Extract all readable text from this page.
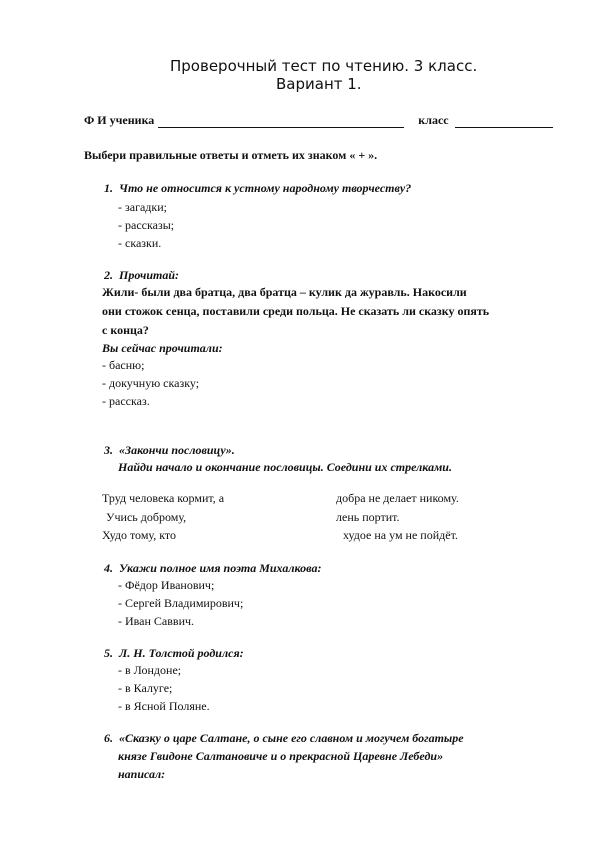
Проверочный тест по чтению. 3 класс.
Вариант 1.
Ф И ученика	класс
Выбери правильные ответы и отметь их знаком « + ».
1. Что не относится к устному народному творчеству?
- загадки;
- рассказы;
- сказки.
2. Прочитай:
Жили- были два братца, два братца – кулик да журавль. Накосили
они стожок сенца, поставили среди польца. Не сказать ли сказку опять
с конца?
Вы сейчас прочитали:
- басню;
- докучную сказку;
- рассказ.
3. «Закончи пословицу».
Найди начало и окончание пословицы. Соедини их стрелками.
Труд человека кормит, а
Учись доброму,
Худо тому, кто
добра не делает никому.
лень портит.
худое на ум не пойдёт.
4. Укажи полное имя поэта Михалкова:
- Фёдор Иванович;
- Сергей Владимирович;
- Иван Саввич.
5. Л. Н. Толстой родился:
- в Лондоне;
- в Калуге;
- в Ясной Поляне.
6. «Сказку о царе Салтане, о сыне его славном и могучем богатыре
князе Гвидоне Салтановиче и о прекрасной Царевне Лебеди»
написал:
